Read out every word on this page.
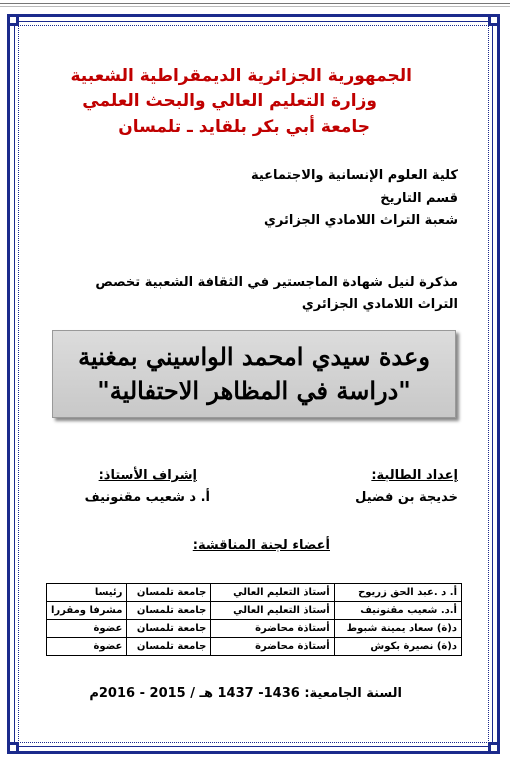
الجمهورية الجزائرية الديمقراطية الشعبية
وزارة التعليم العالي والبحث العلمي
جامعة أبي بكر بلقايد ـ تلمسان
كلية العلوم الإنسانية والاجتماعية
قسم التاريخ
شعبة التراث اللامادي الجزائري
مذكرة لنيل شهادة الماجستير في الثقافة الشعبية تخصص
التراث اللامادي الجزائري
وعدة سيدي امحمد الواسيني بمغنية
"دراسة في المظاهر الاحتفالية"
إعداد الطالبة:
خديجة بن فضيل
إشراف الأستاذ:
أ. د شعيب مقنونيف
أعضاء لجنة المناقشة:
أ. د .عبد الحق زريوح	أستاذ التعليم العالي	جامعة تلمسان	رئيسا
أ.د. شعيب مقنونيف	أستاذ التعليم العالي	جامعة تلمسان	مشرفا ومقررا
د(ة) سعاد يمينة شبوط	أستاذة محاضرة	جامعة تلمسان	عضوة
د(ة) نصيرة بكوش	أستاذة محاضرة	جامعة تلمسان	عضوة
السنة الجامعية: 1436- 1437 هـ / 2015 - 2016م
